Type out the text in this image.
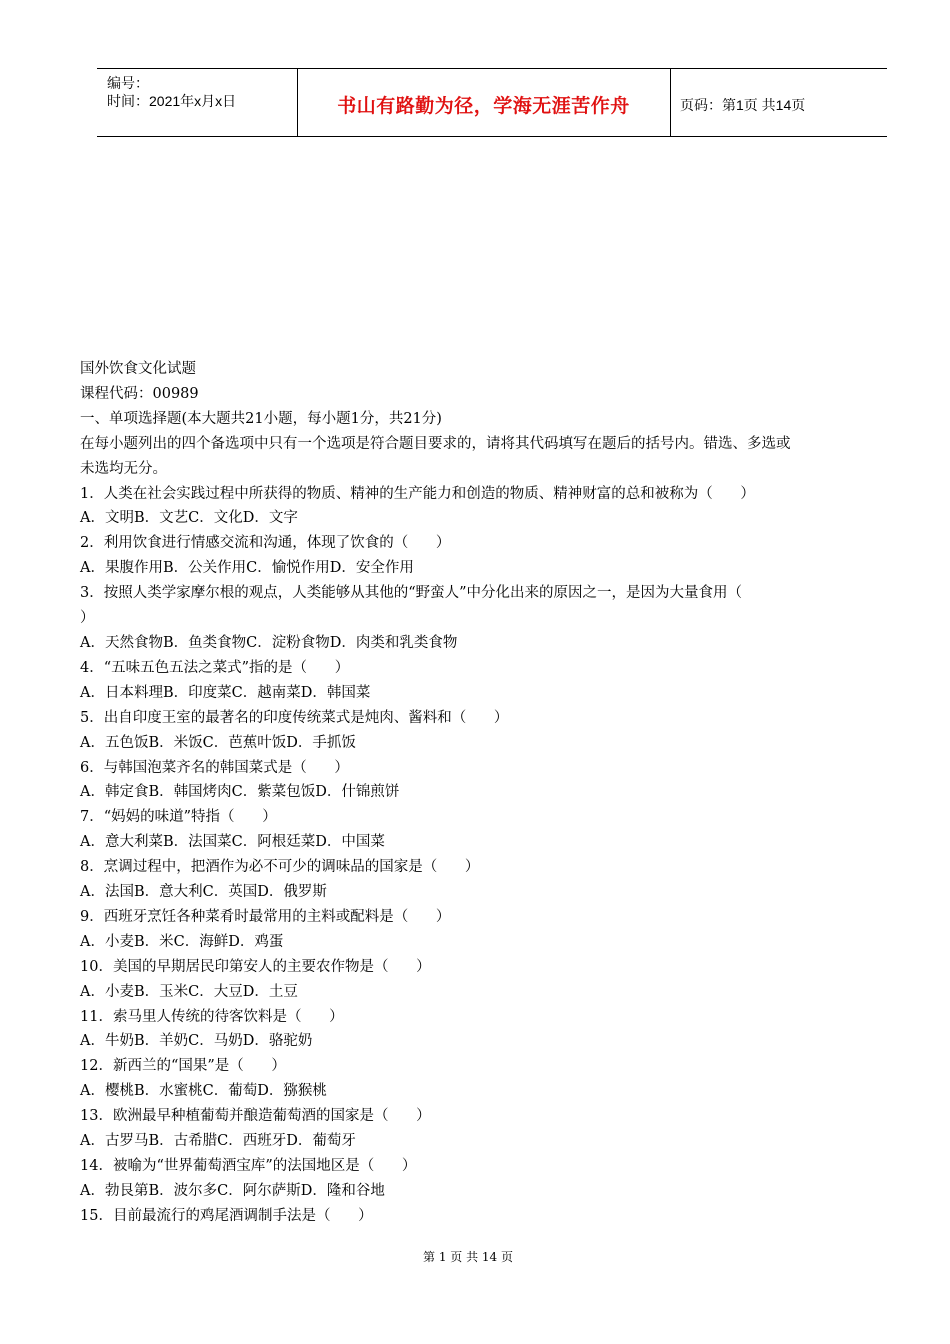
编号：
时间：2021年x月x日	书山有路勤为径，学海无涯苦作舟	页码：第1页 共14页

国外饮食文化试题

课程代码：00989

一、单项选择题(本大题共21小题，每小题1分，共21分)

在每小题列出的四个备选项中只有一个选项是符合题目要求的，请将其代码填写在题后的括号内。错选、多选或

未选均无分。

1．人类在社会实践过程中所获得的物质、精神的生产能力和创造的物质、精神财富的总和被称为（      ）

A．文明B．文艺C．文化D．文字

2．利用饮食进行情感交流和沟通，体现了饮食的（      ）

A．果腹作用B．公关作用C．愉悦作用D．安全作用

3．按照人类学家摩尔根的观点，人类能够从其他的“野蛮人”中分化出来的原因之一，是因为大量食用（

）

A．天然食物B．鱼类食物C．淀粉食物D．肉类和乳类食物

4．“五味五色五法之菜式”指的是（      ）

A．日本料理B．印度菜C．越南菜D．韩国菜

5．出自印度王室的最著名的印度传统菜式是炖肉、酱料和（      ）

A．五色饭B．米饭C．芭蕉叶饭D．手抓饭

6．与韩国泡菜齐名的韩国菜式是（      ）

A．韩定食B．韩国烤肉C．紫菜包饭D．什锦煎饼

7．“妈妈的味道”特指（      ）

A．意大利菜B．法国菜C．阿根廷菜D．中国菜

8．烹调过程中，把酒作为必不可少的调味品的国家是（      ）

A．法国B．意大利C．英国D．俄罗斯

9．西班牙烹饪各种菜肴时最常用的主料或配料是（      ）

A．小麦B．米C．海鲜D．鸡蛋

10．美国的早期居民印第安人的主要农作物是（      ）

A．小麦B．玉米C．大豆D．土豆

11．索马里人传统的待客饮料是（      ）

A．牛奶B．羊奶C．马奶D．骆驼奶

12．新西兰的“国果”是（      ）

A．樱桃B．水蜜桃C．葡萄D．猕猴桃

13．欧洲最早种植葡萄并酿造葡萄酒的国家是（      ）

A．古罗马B．古希腊C．西班牙D．葡萄牙

14．被喻为“世界葡萄酒宝库”的法国地区是（      ）

A．勃艮第B．波尔多C．阿尔萨斯D．隆和谷地

15．目前最流行的鸡尾酒调制手法是（      ）

第 1 页 共 14 页
